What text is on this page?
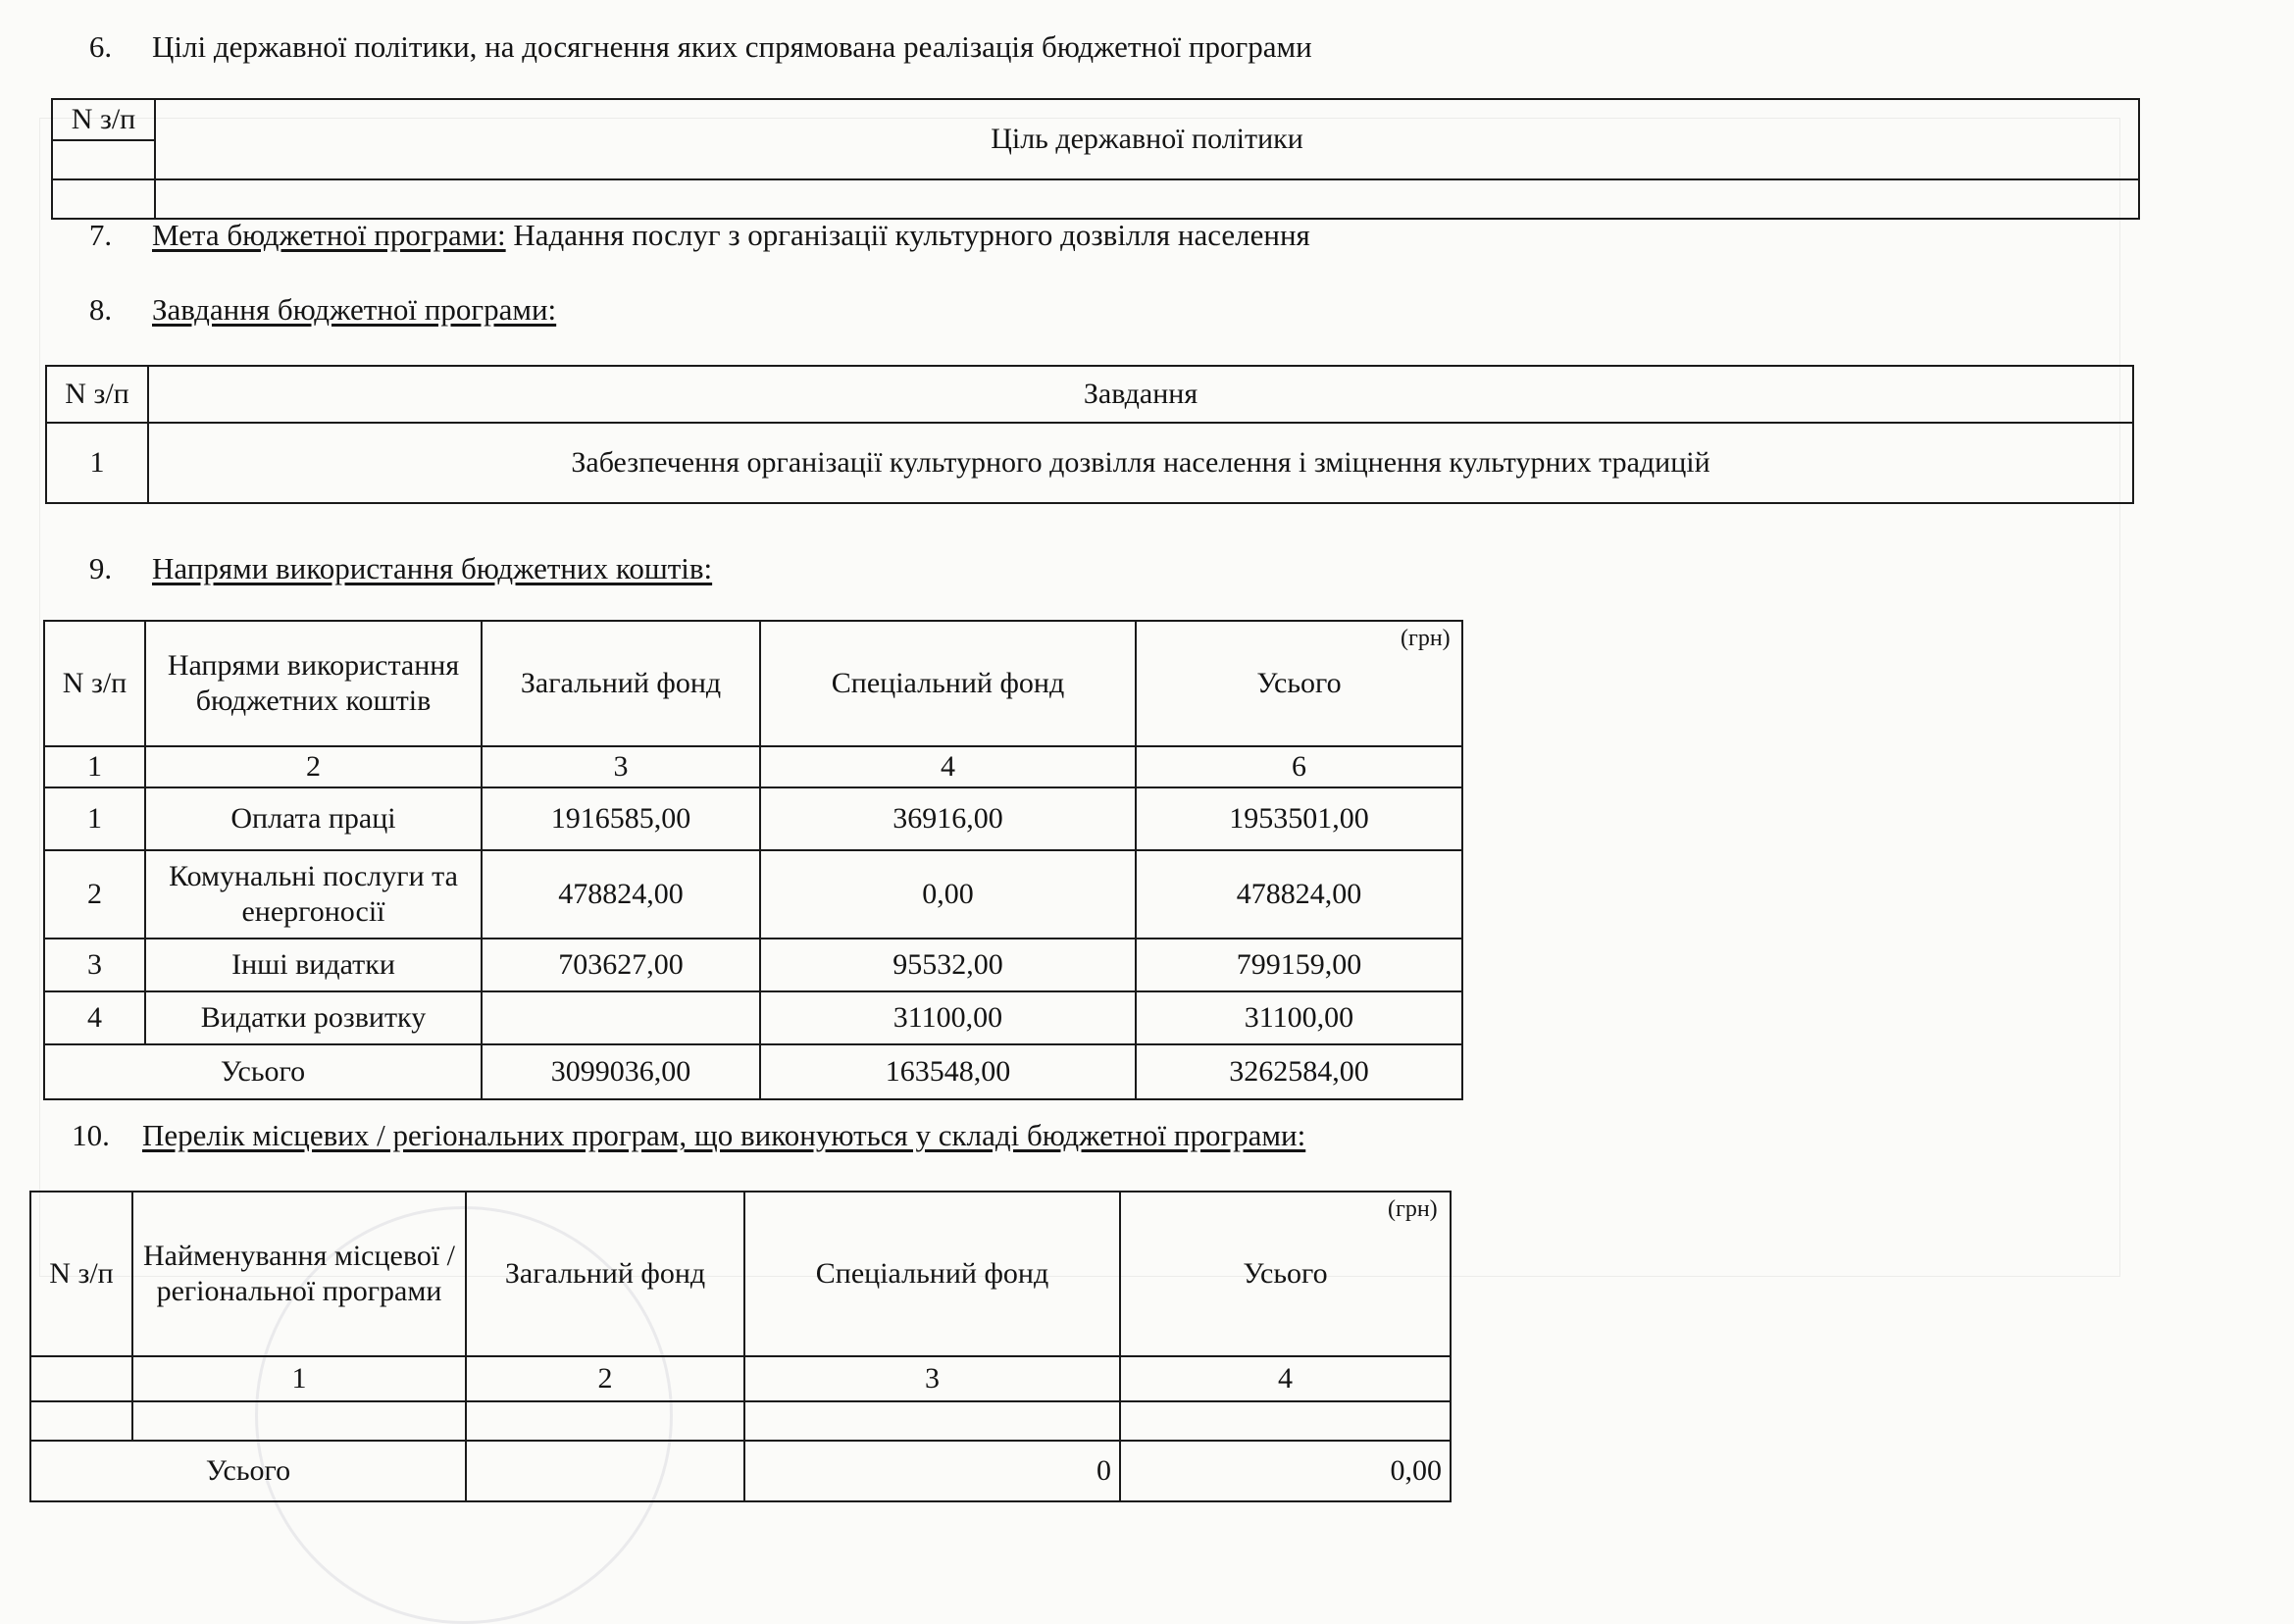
6. Цілі державної політики, на досягнення яких спрямована реалізація бюджетної програми
N з/п	Ціль державної політики

7. Мета бюджетної програми: Надання послуг з організації культурного дозвілля населення
8. Завдання бюджетної програми:
N з/п	Завдання
1	Забезпечення організації культурного дозвілля населення і зміцнення культурних традицій
9. Напрями використання бюджетних коштів:
(грн)
N з/п	Напрями використання бюджетних коштів	Загальний фонд	Спеціальний фонд	Усього
1	2	3	4	6
1	Оплата праці	1916585,00	36916,00	1953501,00
2	Комунальні послуги та енергоносії	478824,00	0,00	478824,00
3	Інші видатки	703627,00	95532,00	799159,00
4	Видатки розвитку		31100,00	31100,00
Усього		3099036,00	163548,00	3262584,00
10. Перелік місцевих / регіональних програм, що виконуються у складі бюджетної програми:
(грн)
N з/п	Найменування місцевої / регіональної програми	Загальний фонд	Спеціальний фонд	Усього
	1	2	3	4

Усього			0	0,00
